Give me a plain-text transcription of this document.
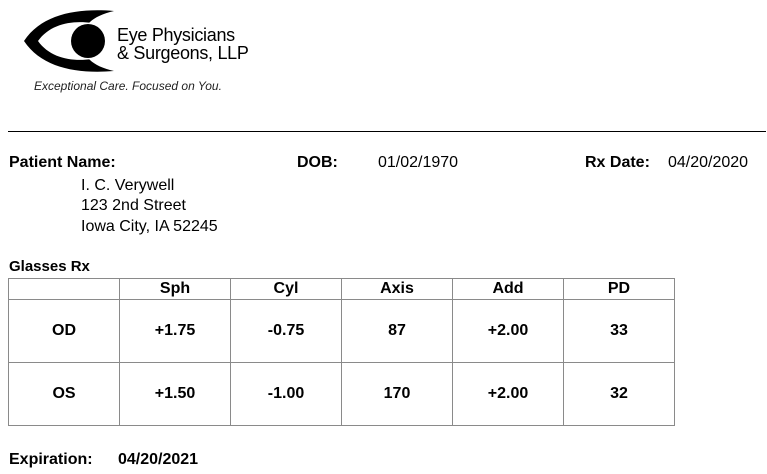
Eye Physicians
& Surgeons, LLP
Exceptional Care. Focused on You.
Patient Name:
I. C. Verywell
123 2nd Street
Iowa City, IA 52245
DOB:	01/02/1970	Rx Date: 04/20/2020
Glasses Rx
	Sph	Cyl	Axis	Add	PD
OD	+1.75	-0.75	87	+2.00	33
OS	+1.50	-1.00	170	+2.00	32
Expiration: 04/20/2021
